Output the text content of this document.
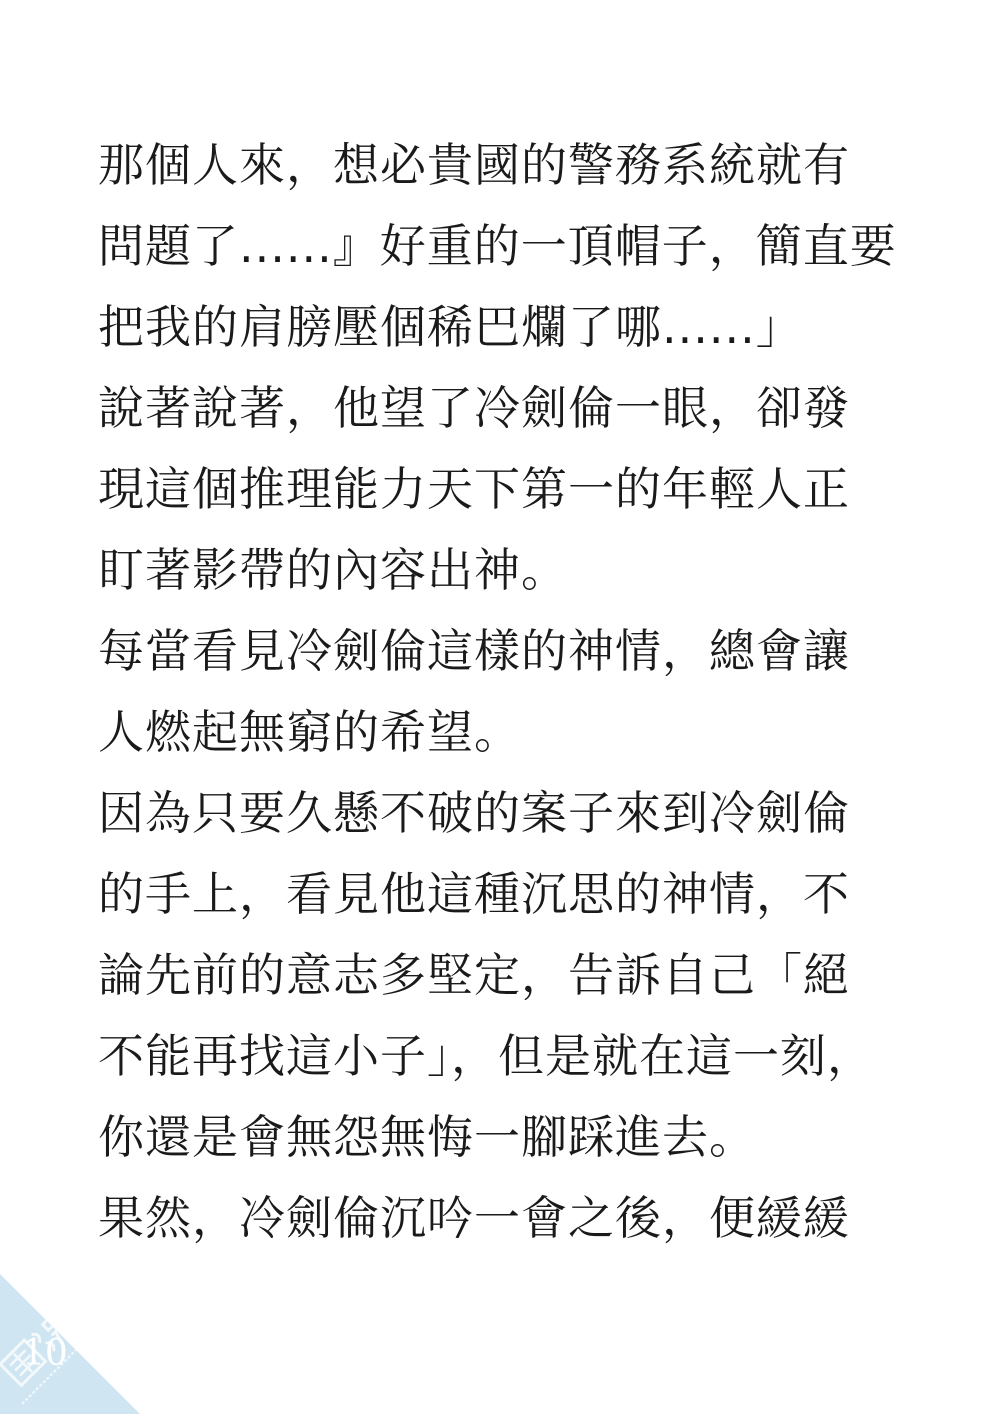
那個人來，想必貴國的警務系統就有
問題了......』好重的一頂帽子，簡直要
把我的肩膀壓個稀巴爛了哪......」
說著說著，他望了冷劍倫一眼，卻發
現這個推理能力天下第一的年輕人正
盯著影帶的內容出神。
每當看見冷劍倫這樣的神情，總會讓
人燃起無窮的希望。
因為只要久懸不破的案子來到冷劍倫
的手上，看見他這種沉思的神情，不
論先前的意志多堅定，告訴自己「絕
不能再找這小子」，但是就在這一刻，
你還是會無怨無悔一腳踩進去。
果然，冷劍倫沉吟一會之後，便緩緩
10
